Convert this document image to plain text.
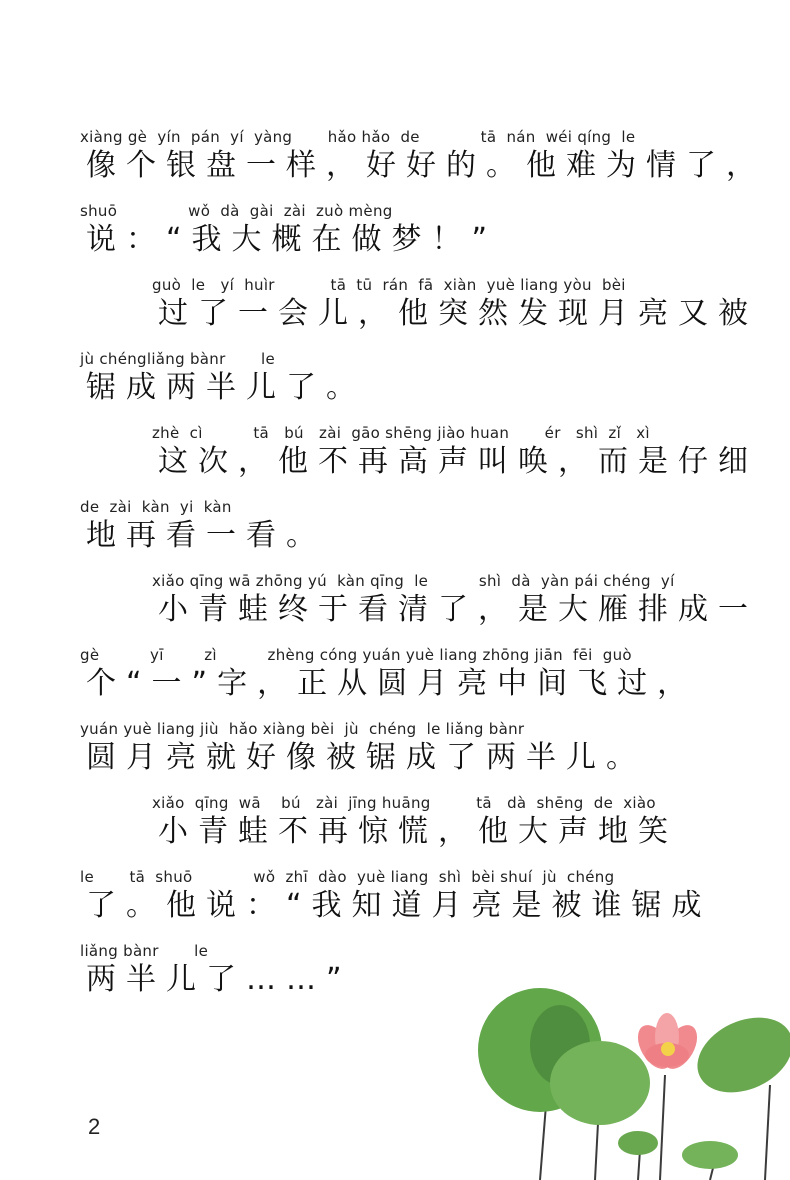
xiàng gè  yín  pán  yí  yàng       hǎo hǎo  de            tā  nán  wéi qíng  le
像个银盘一样，好好的。他难为情了，
shuō              wǒ  dà  gài  zài  zuò mèng
说：“我大概在做梦！”
guò  le   yí  huìr           tā  tū  rán  fā  xiàn  yuè liang yòu  bèi
过了一会儿，他突然发现月亮又被
jù chéngliǎng bànr       le
锯成两半儿了。
zhè  cì          tā   bú   zài  gāo shēng jiào huan       ér   shì  zǐ   xì
这次，他不再高声叫唤，而是仔细
de  zài  kàn  yi  kàn
地再看一看。
xiǎo qīng wā zhōng yú  kàn qīng  le          shì  dà  yàn pái chéng  yí
小青蛙终于看清了，是大雁排成一
gè          yī        zì          zhèng cóng yuán yuè liang zhōng jiān  fēi  guò
个“一”字，正从圆月亮中间飞过，
yuán yuè liang jiù  hǎo xiàng bèi  jù  chéng  le liǎng bànr
圆月亮就好像被锯成了两半儿。
xiǎo  qīng  wā    bú   zài  jīng huāng         tā   dà  shēng  de  xiào
小青蛙不再惊慌，他大声地笑
le       tā  shuō            wǒ  zhī  dào  yuè liang  shì  bèi shuí  jù  chéng
了。他说：“我知道月亮是被谁锯成
liǎng bànr       le
两半儿了……”
2
